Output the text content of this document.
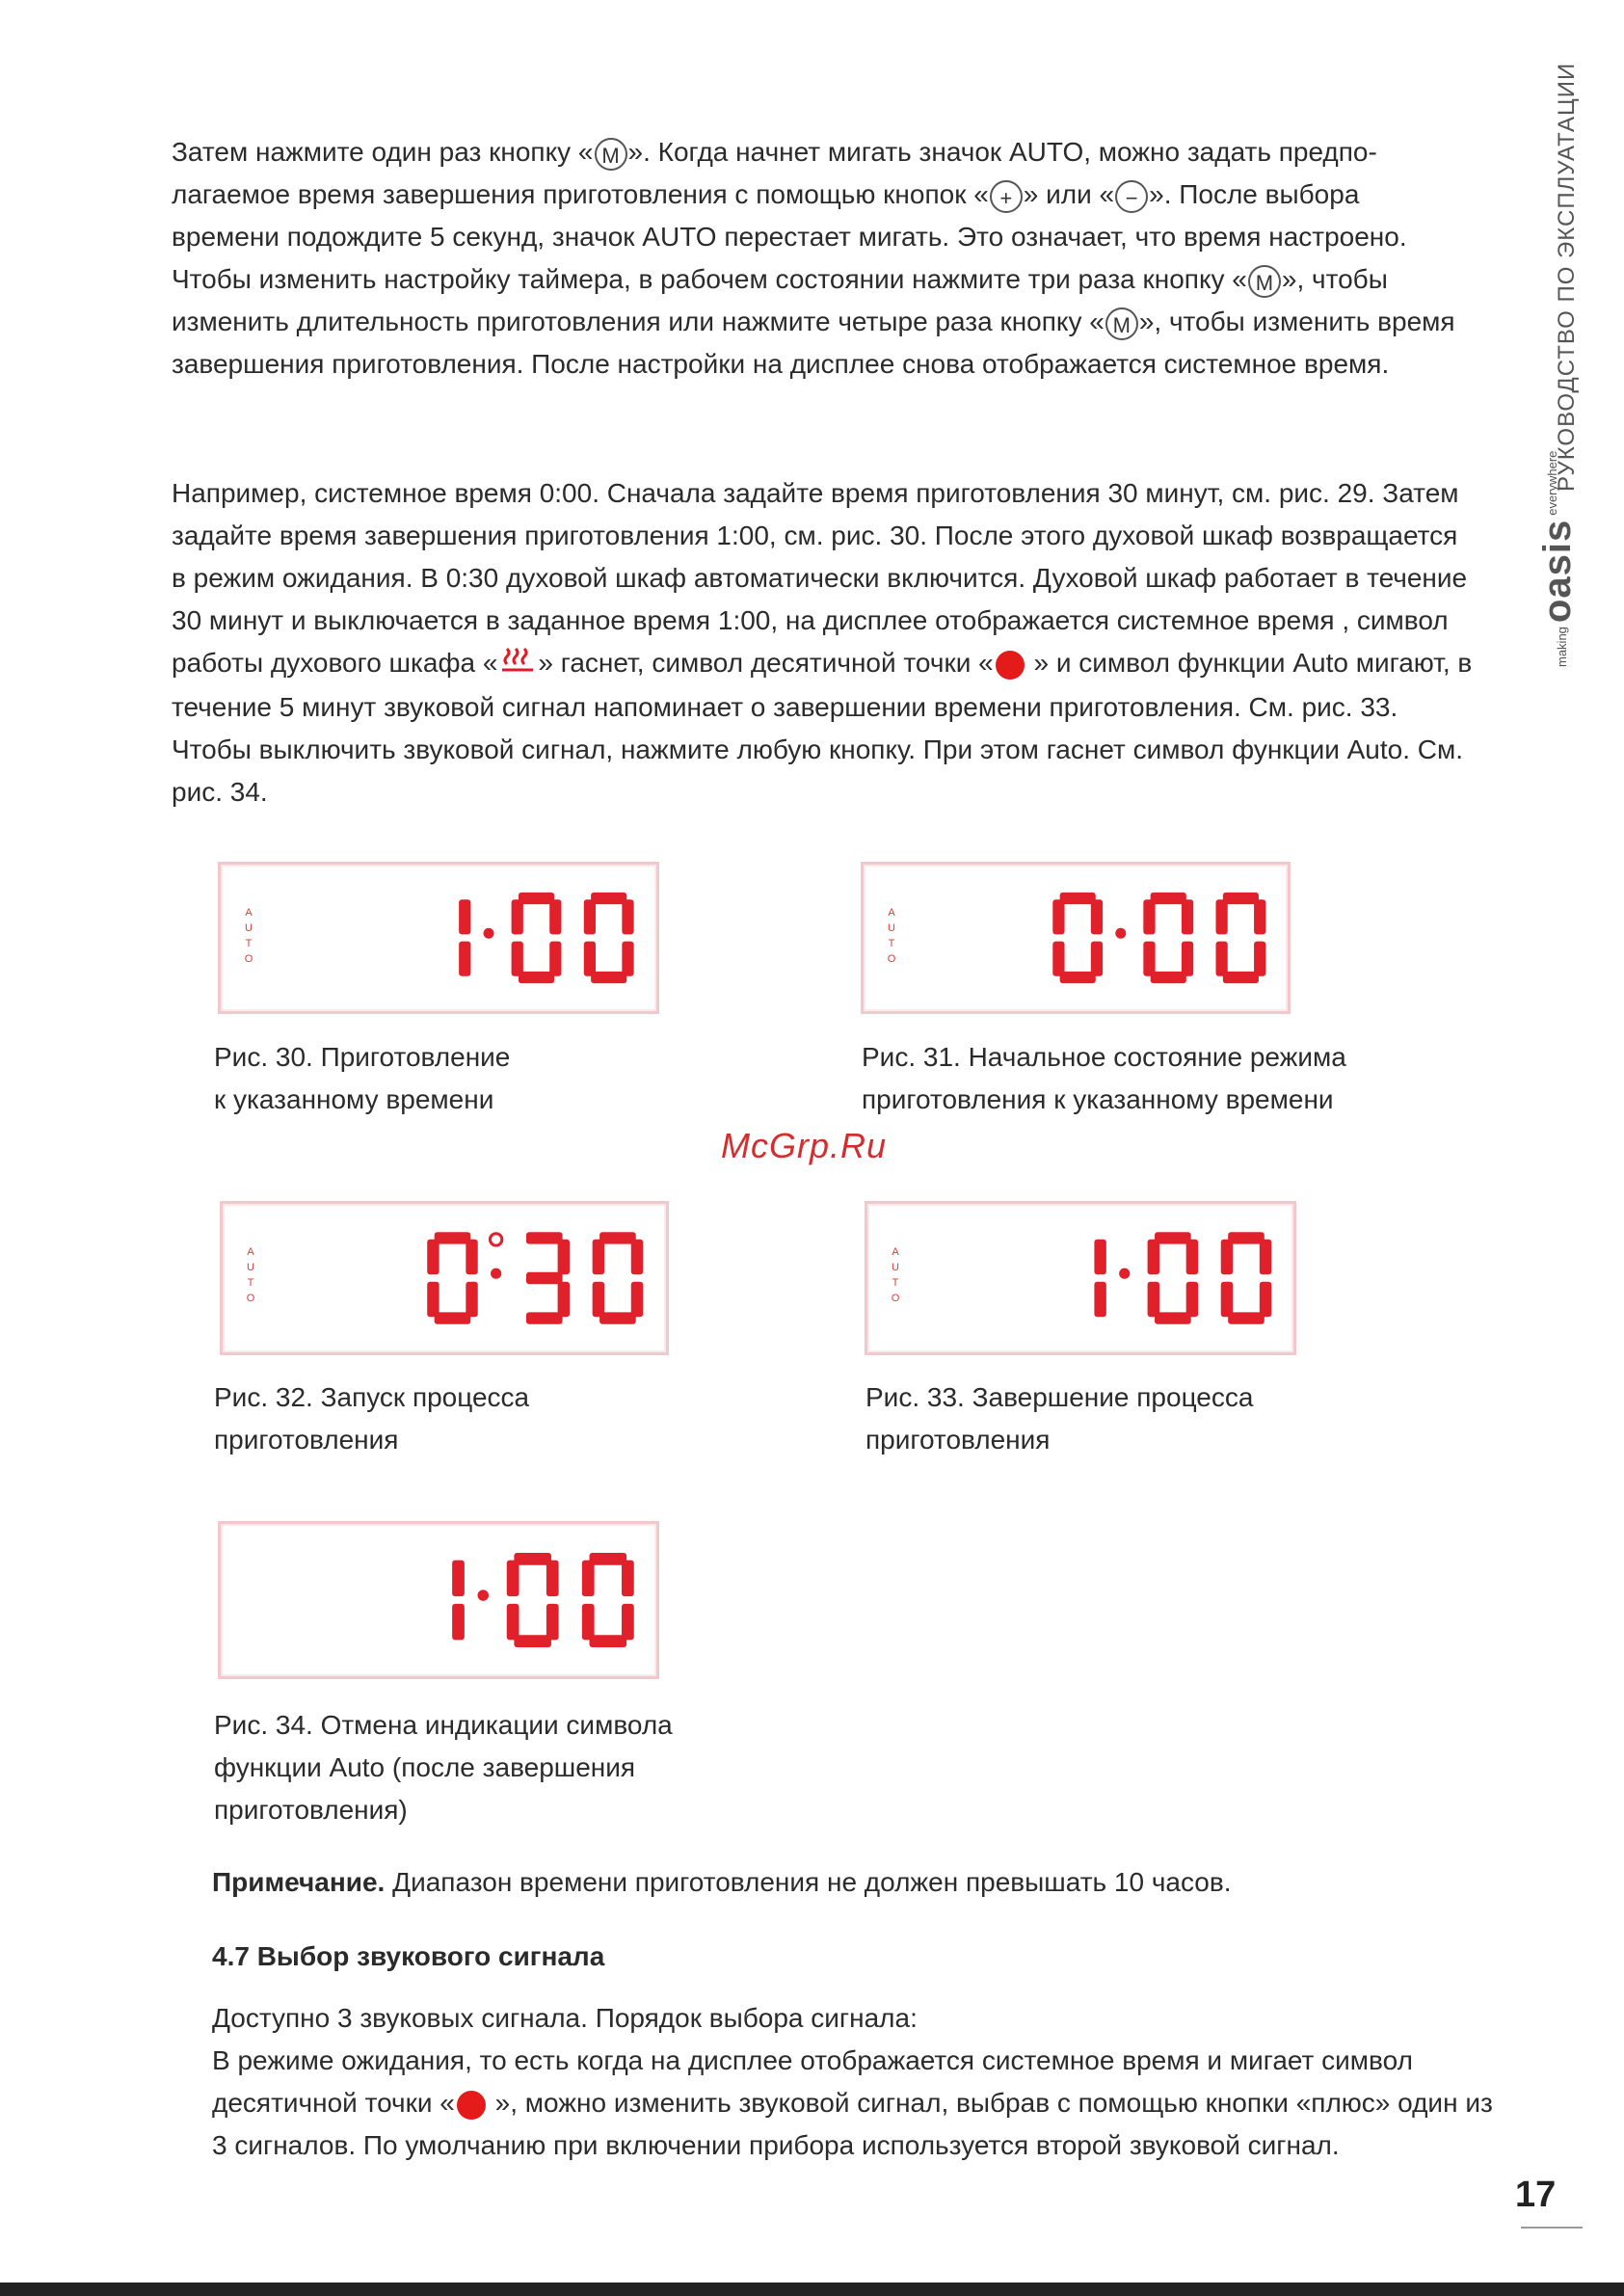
РУКОВОДСТВО ПО ЭКСПЛУАТАЦИИ
$^{making}$oasis$^{everywhere}$

Затем нажмите один раз кнопку « M ». Когда начнет мигать значок AUTO, можно задать предпо-лагаемое время завершения приготовления с помощью кнопок « + » или « − ». После выбора времени подождите 5 секунд, значок AUTO перестает мигать. Это означает, что время настроено. Чтобы изменить настройку таймера, в рабочем состоянии нажмите три раза кнопку « M », чтобы изменить длительность приготовления или нажмите четыре раза кнопку « M », чтобы изменить время завершения приготовления. После настройки на дисплее снова отображается системное время.

Например, системное время 0:00. Сначала задайте время приготовления 30 минут, см. рис. 29. Затем задайте время завершения приготовления 1:00, см. рис. 30. После этого духовой шкаф возвращается в режим ожидания. В 0:30 духовой шкаф автоматически включится. Духовой шкаф работает в течение 30 минут и выключается в заданное время 1:00, на дисплее отображается системное время , символ работы духового шкафа « » гаснет, символ десятичной точки « » и символ функции Auto мигают, в течение 5 минут звуковой сигнал напоминает о завершении времени приготовления. См. рис. 33. Чтобы выключить звуковой сигнал, нажмите любую кнопку. При этом гаснет символ функции Auto. См. рис. 34.

A
U
T
O
Рис. 30. Приготовление
к указанному времени
A
U
T
O
Рис. 31. Начальное состояние режима
приготовления к указанному времени
McGrp.Ru
A
U
T
O
Рис. 32. Запуск процесса
приготовления
A
U
T
O
Рис. 33. Завершение процесса
приготовления
Рис. 34. Отмена индикации символа
функции Auto (после завершения
приготовления)
Примечание. Диапазон времени приготовления не должен превышать 10 часов.
4.7 Выбор звукового сигнала

Доступно 3 звуковых сигнала. Порядок выбора сигнала:
В режиме ожидания, то есть когда на дисплее отображается системное время и мигает символ десятичной точки « », можно изменить звуковой сигнал, выбрав с помощью кнопки «плюс» один из 3 сигналов. По умолчанию при включении прибора используется второй звуковой сигнал.

17
